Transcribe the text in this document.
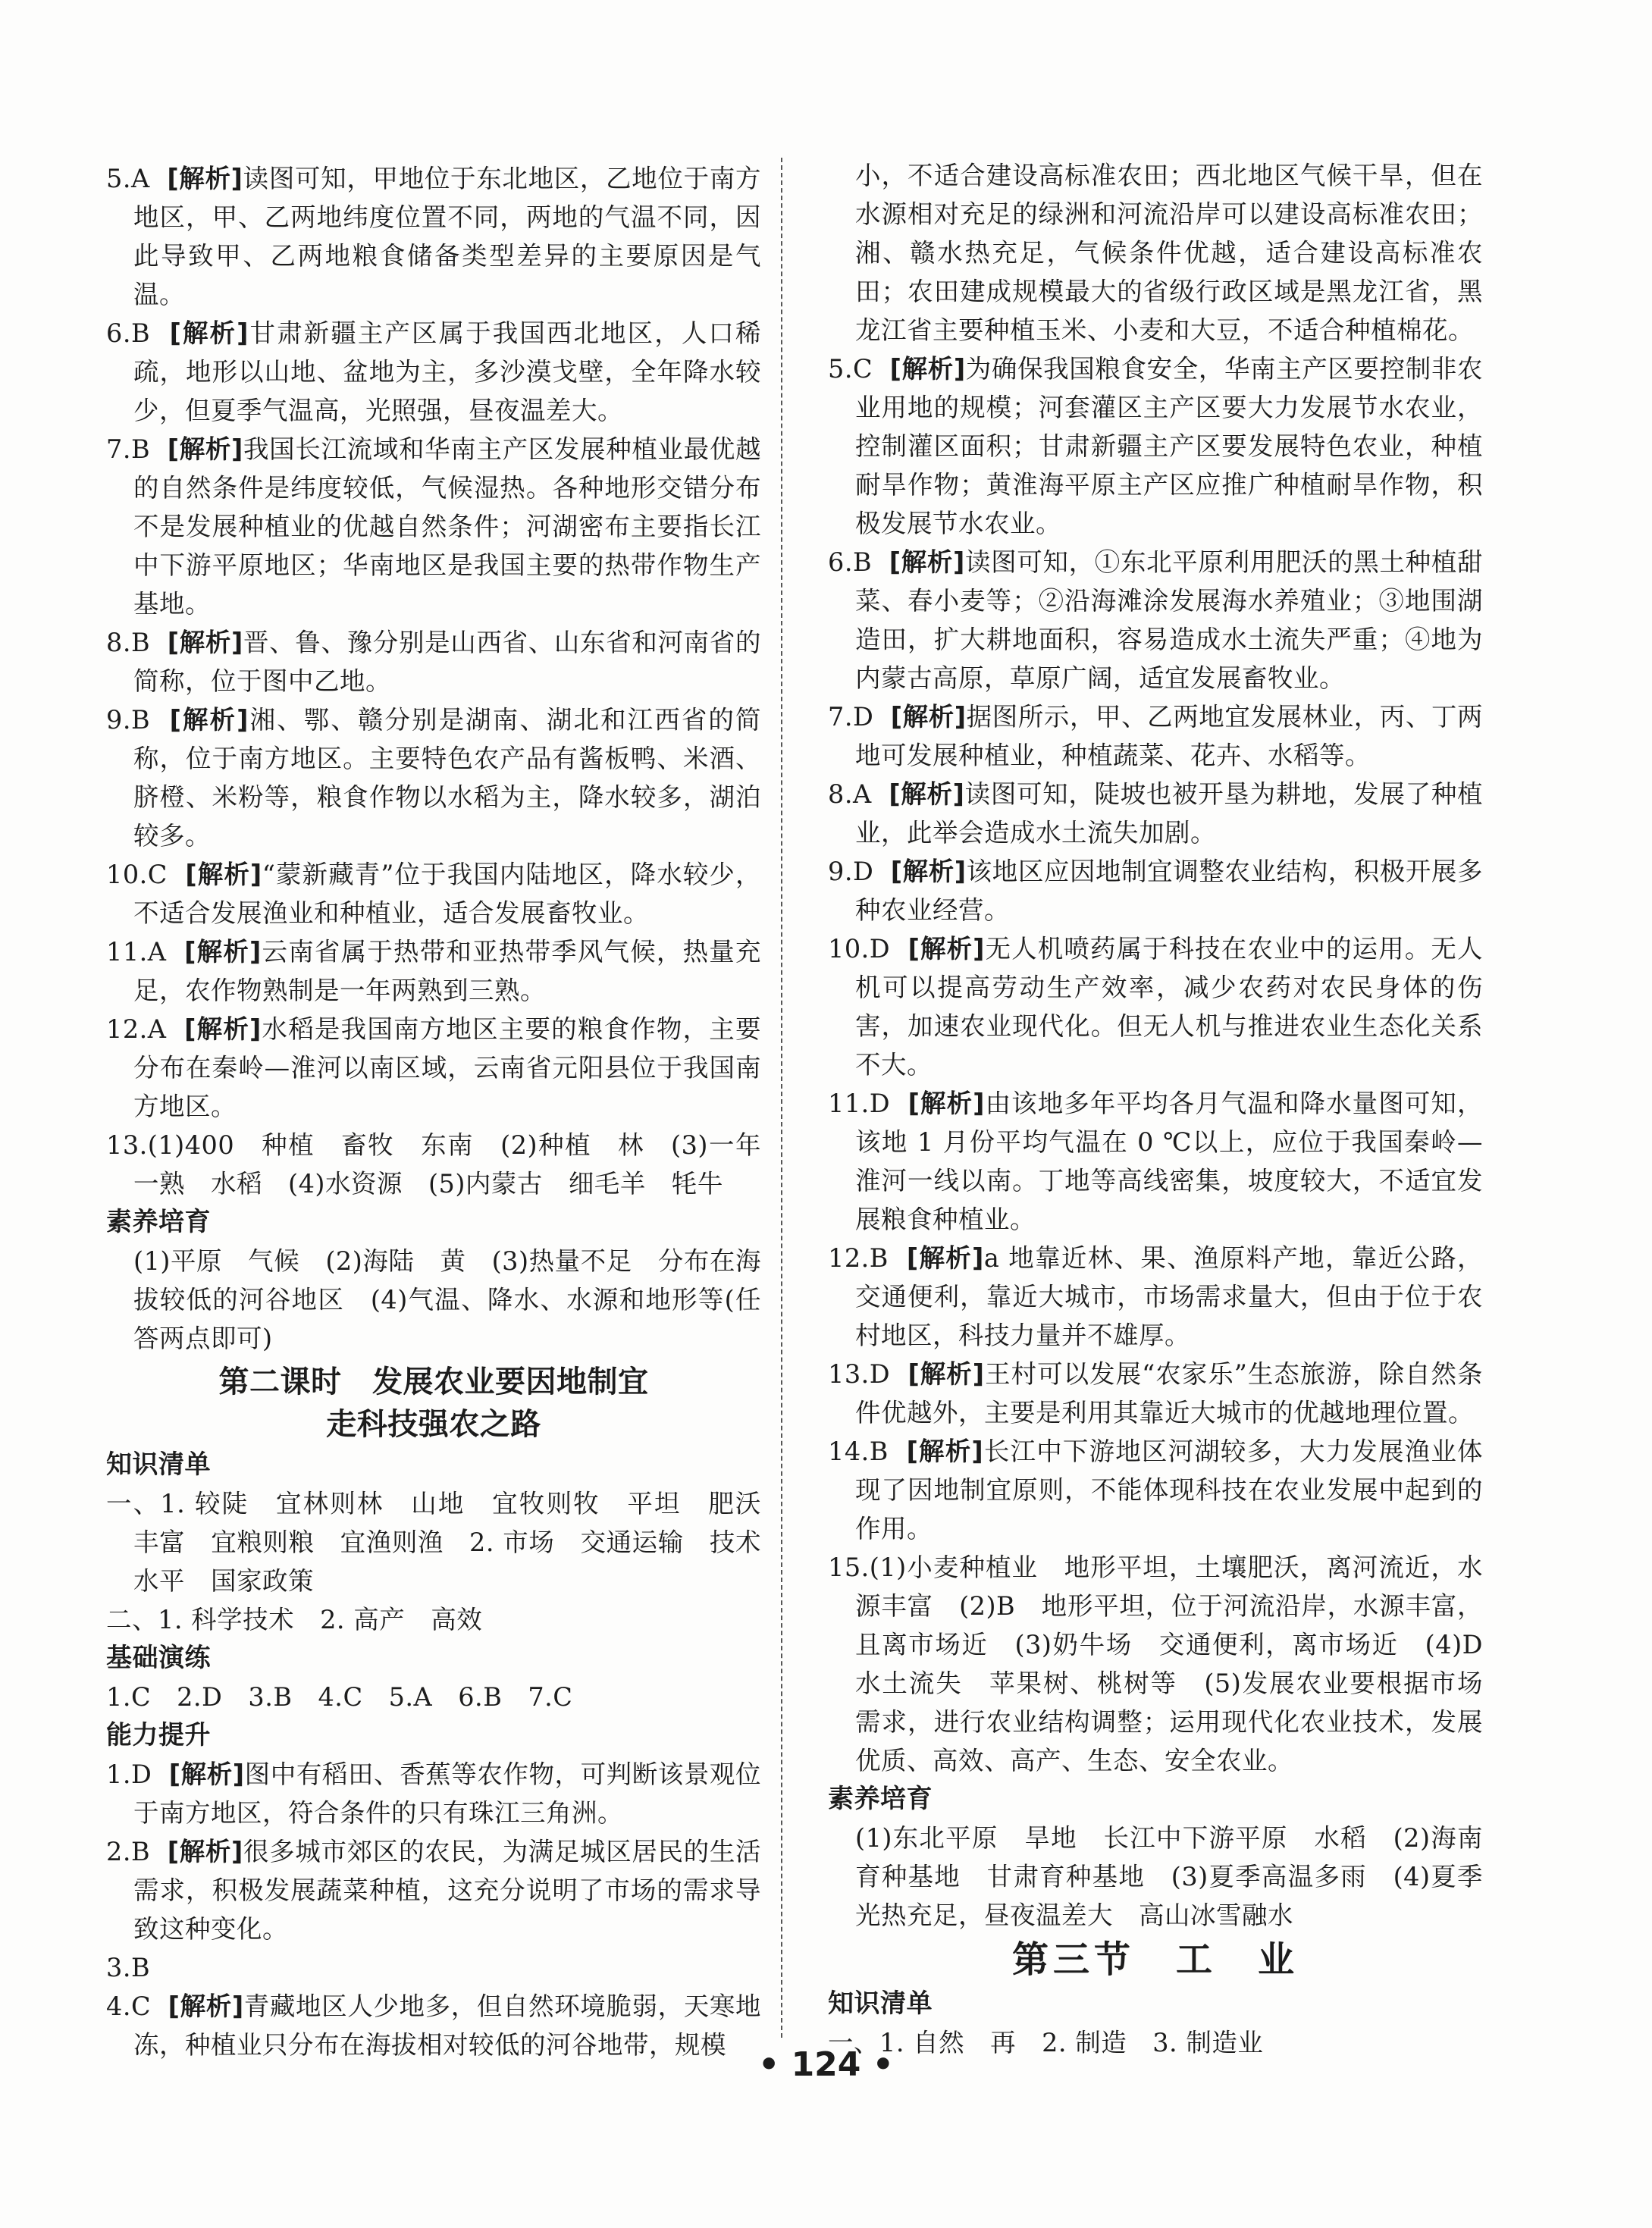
5.A [解析]读图可知，甲地位于东北地区，乙地位于南方地区，甲、乙两地纬度位置不同，两地的气温不同，因此导致甲、乙两地粮食储备类型差异的主要原因是气温。

6.B [解析]甘肃新疆主产区属于我国西北地区，人口稀疏，地形以山地、盆地为主，多沙漠戈壁，全年降水较少，但夏季气温高，光照强，昼夜温差大。

7.B [解析]我国长江流域和华南主产区发展种植业最优越的自然条件是纬度较低，气候湿热。各种地形交错分布不是发展种植业的优越自然条件；河湖密布主要指长江中下游平原地区；华南地区是我国主要的热带作物生产基地。

8.B [解析]晋、鲁、豫分别是山西省、山东省和河南省的简称，位于图中乙地。

9.B [解析]湘、鄂、赣分别是湖南、湖北和江西省的简称，位于南方地区。主要特色农产品有酱板鸭、米酒、脐橙、米粉等，粮食作物以水稻为主，降水较多，湖泊较多。

10.C [解析]“蒙新藏青”位于我国内陆地区，降水较少，不适合发展渔业和种植业，适合发展畜牧业。

11.A [解析]云南省属于热带和亚热带季风气候，热量充足，农作物熟制是一年两熟到三熟。

12.A [解析]水稻是我国南方地区主要的粮食作物，主要分布在秦岭—淮河以南区域，云南省元阳县位于我国南方地区。

13.(1)400　种植　畜牧　东南　(2)种植　林　(3)一年一熟　水稻　(4)水资源　(5)内蒙古　细毛羊　牦牛

素养培育

(1)平原　气候　(2)海陆　黄　(3)热量不足　分布在海拔较低的河谷地区　(4)气温、降水、水源和地形等(任答两点即可)

第二课时　发展农业要因地制宜

走科技强农之路

知识清单

一、1. 较陡　宜林则林　山地　宜牧则牧　平坦　肥沃　丰富　宜粮则粮　宜渔则渔　2. 市场　交通运输　技术水平　国家政策

二、1. 科学技术　2. 高产　高效

基础演练

1.C　2.D　3.B　4.C　5.A　6.B　7.C

能力提升

1.D [解析]图中有稻田、香蕉等农作物，可判断该景观位于南方地区，符合条件的只有珠江三角洲。

2.B [解析]很多城市郊区的农民，为满足城区居民的生活需求，积极发展蔬菜种植，这充分说明了市场的需求导致这种变化。

3.B

4.C [解析]青藏地区人少地多，但自然环境脆弱，天寒地冻，种植业只分布在海拔相对较低的河谷地带，规模

小，不适合建设高标准农田；西北地区气候干旱，但在水源相对充足的绿洲和河流沿岸可以建设高标准农田；湘、赣水热充足，气候条件优越，适合建设高标准农田；农田建成规模最大的省级行政区域是黑龙江省，黑龙江省主要种植玉米、小麦和大豆，不适合种植棉花。

5.C [解析]为确保我国粮食安全，华南主产区要控制非农业用地的规模；河套灌区主产区要大力发展节水农业，控制灌区面积；甘肃新疆主产区要发展特色农业，种植耐旱作物；黄淮海平原主产区应推广种植耐旱作物，积极发展节水农业。

6.B [解析]读图可知，①东北平原利用肥沃的黑土种植甜菜、春小麦等；②沿海滩涂发展海水养殖业；③地围湖造田，扩大耕地面积，容易造成水土流失严重；④地为内蒙古高原，草原广阔，适宜发展畜牧业。

7.D [解析]据图所示，甲、乙两地宜发展林业，丙、丁两地可发展种植业，种植蔬菜、花卉、水稻等。

8.A [解析]读图可知，陡坡也被开垦为耕地，发展了种植业，此举会造成水土流失加剧。

9.D [解析]该地区应因地制宜调整农业结构，积极开展多种农业经营。

10.D [解析]无人机喷药属于科技在农业中的运用。无人机可以提高劳动生产效率，减少农药对农民身体的伤害，加速农业现代化。但无人机与推进农业生态化关系不大。

11.D [解析]由该地多年平均各月气温和降水量图可知，该地 1 月份平均气温在 0 ℃以上，应位于我国秦岭—淮河一线以南。丁地等高线密集，坡度较大，不适宜发展粮食种植业。

12.B [解析]a 地靠近林、果、渔原料产地，靠近公路，交通便利，靠近大城市，市场需求量大，但由于位于农村地区，科技力量并不雄厚。

13.D [解析]王村可以发展“农家乐”生态旅游，除自然条件优越外，主要是利用其靠近大城市的优越地理位置。

14.B [解析]长江中下游地区河湖较多，大力发展渔业体现了因地制宜原则，不能体现科技在农业发展中起到的作用。

15.(1)小麦种植业　地形平坦，土壤肥沃，离河流近，水源丰富　(2)B　地形平坦，位于河流沿岸，水源丰富，且离市场近　(3)奶牛场　交通便利，离市场近　(4)D　水土流失　苹果树、桃树等　(5)发展农业要根据市场需求，进行农业结构调整；运用现代化农业技术，发展优质、高效、高产、生态、安全农业。

素养培育

(1)东北平原　旱地　长江中下游平原　水稻　(2)海南育种基地　甘肃育种基地　(3)夏季高温多雨　(4)夏季光热充足，昼夜温差大　高山冰雪融水

第三节　工　业

知识清单

一、1. 自然　再　2. 制造　3. 制造业

• 124 •
